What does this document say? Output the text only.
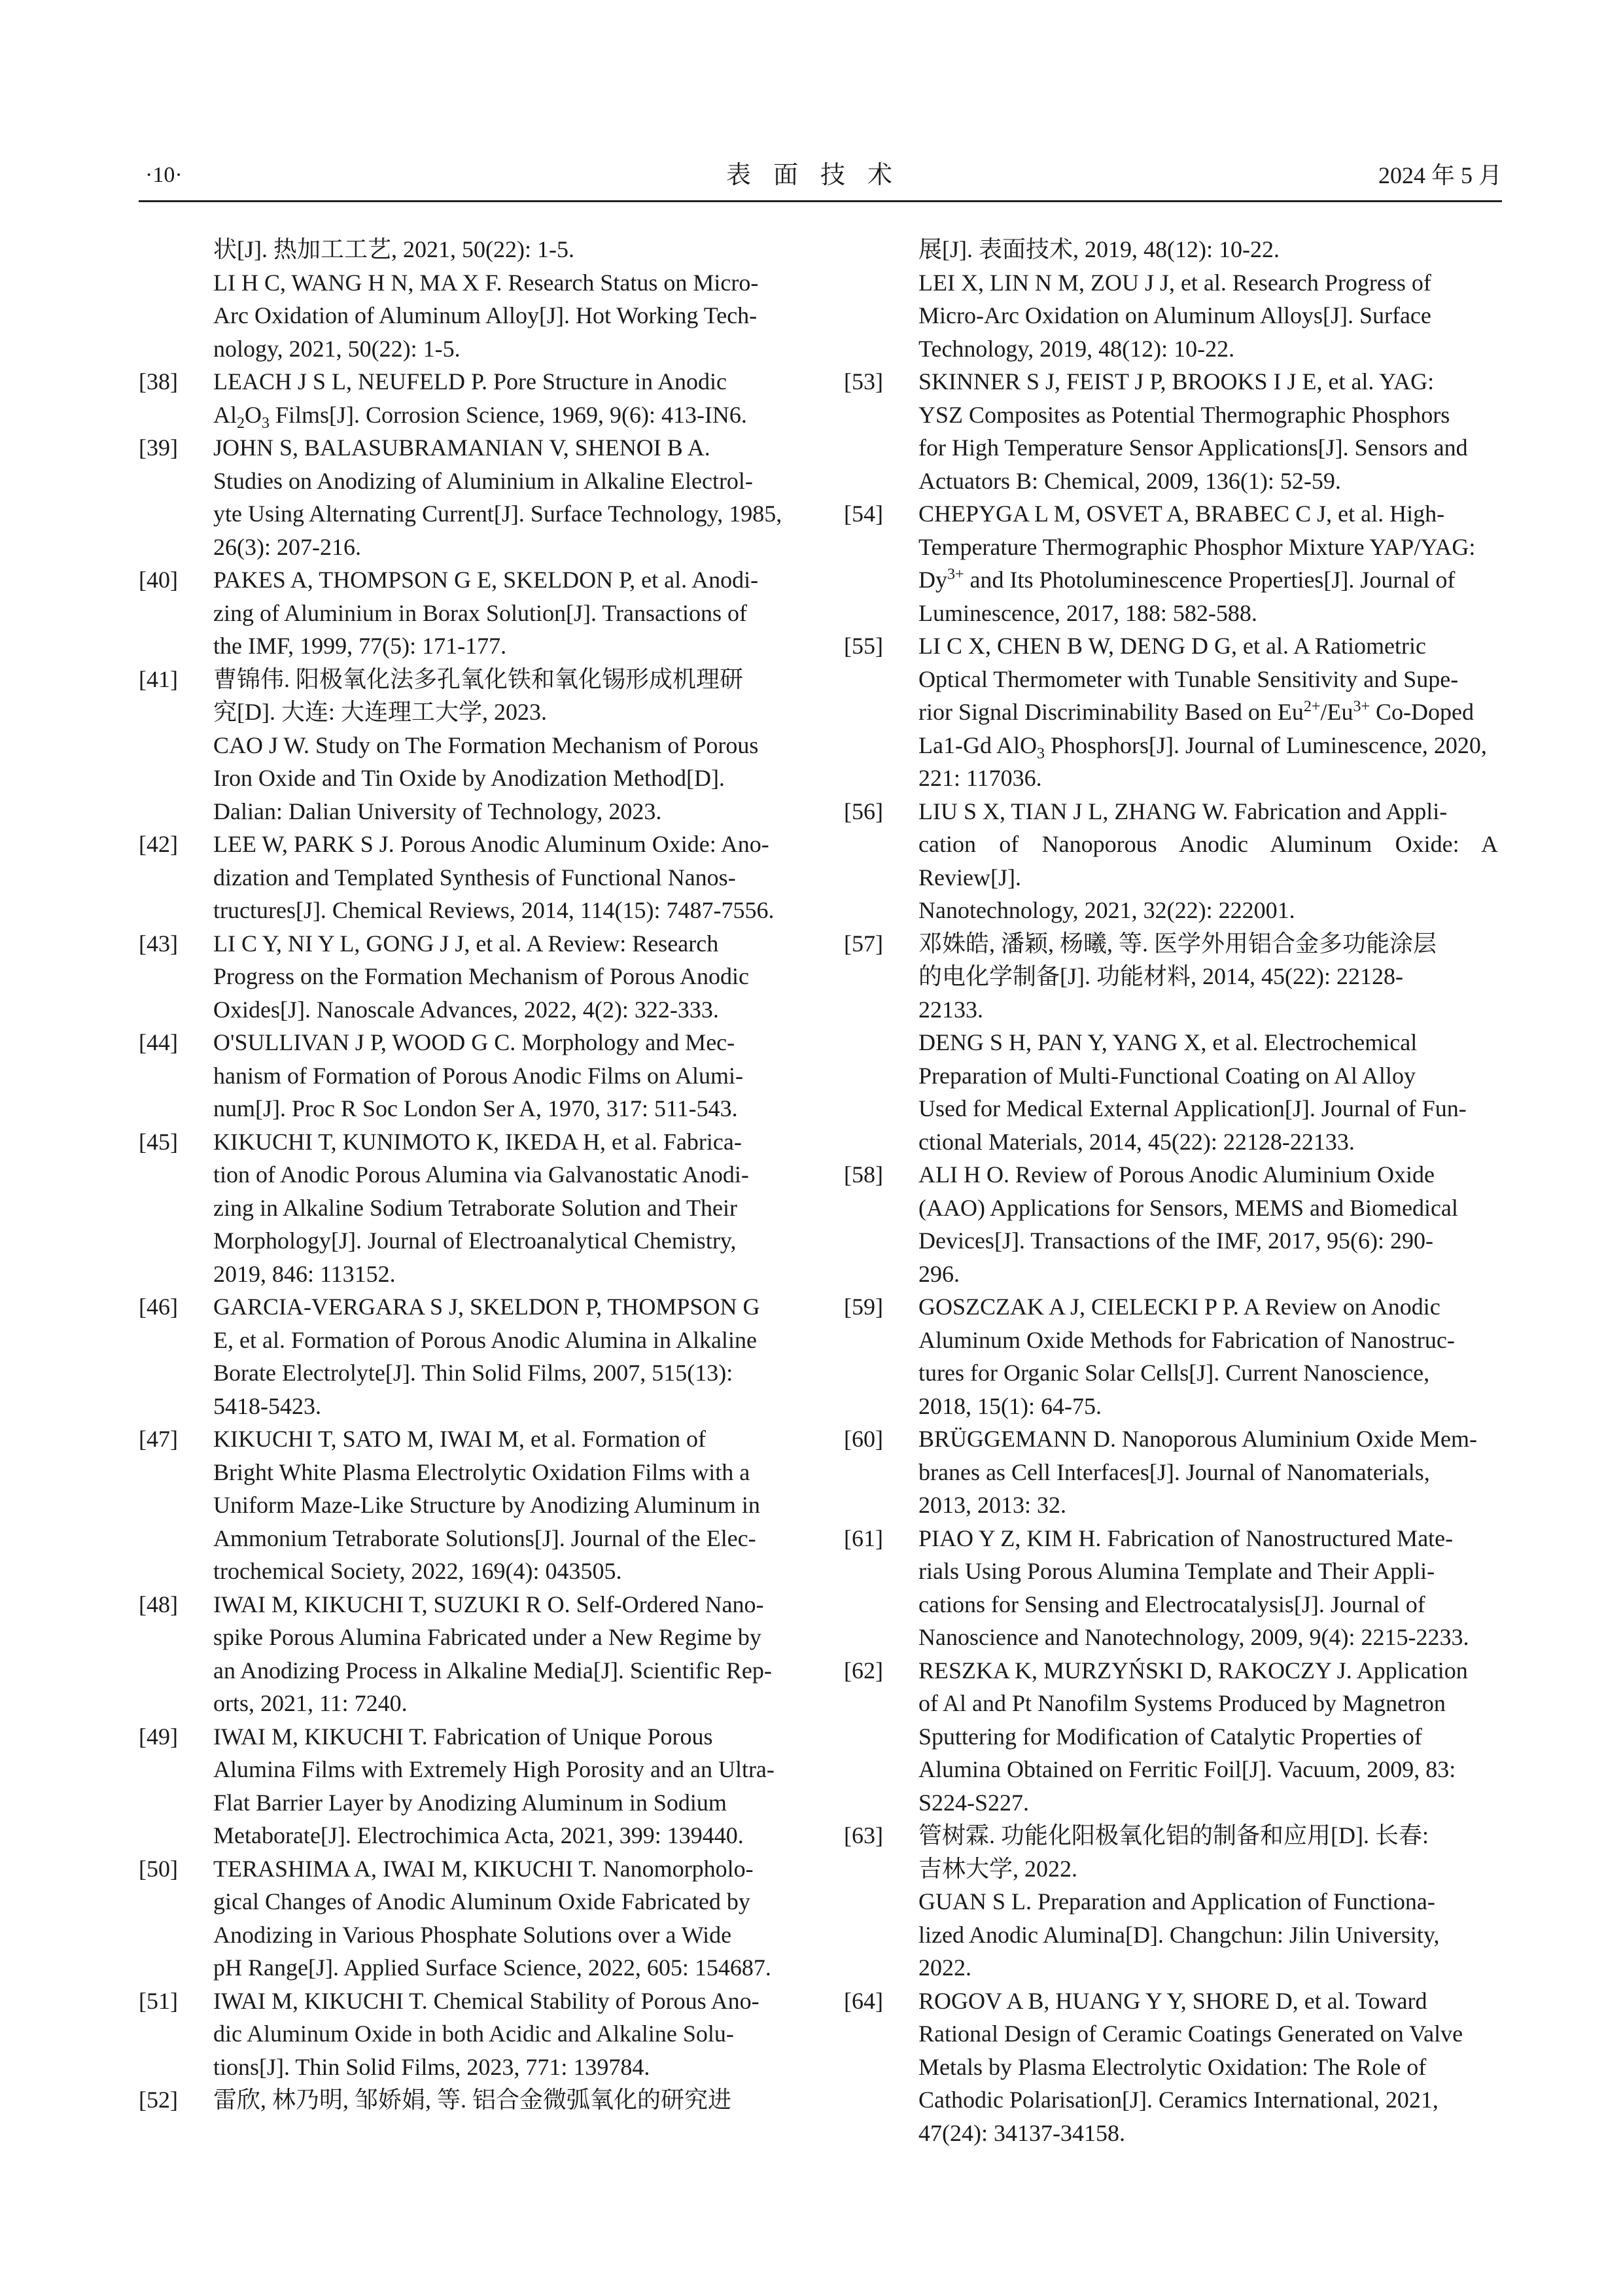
·10·	表面技术	2024 年 5 月
状[J]. 热加工工艺, 2021, 50(22): 1-5.
LI H C, WANG H N, MA X F. Research Status on Micro-
Arc Oxidation of Aluminum Alloy[J]. Hot Working Tech-
nology, 2021, 50(22): 1-5.
[38] LEACH J S L, NEUFELD P. Pore Structure in Anodic
$Al_2O_3$ Films[J]. Corrosion Science, 1969, 9(6): 413-IN6.
[39] JOHN S, BALASUBRAMANIAN V, SHENOI B A.
Studies on Anodizing of Aluminium in Alkaline Electrol-
yte Using Alternating Current[J]. Surface Technology, 1985,
26(3): 207-216.
[40] PAKES A, THOMPSON G E, SKELDON P, et al. Anodi-
zing of Aluminium in Borax Solution[J]. Transactions of
the IMF, 1999, 77(5): 171-177.
[41] 曹锦伟. 阳极氧化法多孔氧化铁和氧化锡形成机理研
究[D]. 大连: 大连理工大学, 2023.
CAO J W. Study on The Formation Mechanism of Porous
Iron Oxide and Tin Oxide by Anodization Method[D].
Dalian: Dalian University of Technology, 2023.
[42] LEE W, PARK S J. Porous Anodic Aluminum Oxide: Ano-
dization and Templated Synthesis of Functional Nanos-
tructures[J]. Chemical Reviews, 2014, 114(15): 7487-7556.
[43] LI C Y, NI Y L, GONG J J, et al. A Review: Research
Progress on the Formation Mechanism of Porous Anodic
Oxides[J]. Nanoscale Advances, 2022, 4(2): 322-333.
[44] O'SULLIVAN J P, WOOD G C. Morphology and Mec-
hanism of Formation of Porous Anodic Films on Alumi-
num[J]. Proc R Soc London Ser A, 1970, 317: 511-543.
[45] KIKUCHI T, KUNIMOTO K, IKEDA H, et al. Fabrica-
tion of Anodic Porous Alumina via Galvanostatic Anodi-
zing in Alkaline Sodium Tetraborate Solution and Their
Morphology[J]. Journal of Electroanalytical Chemistry,
2019, 846: 113152.
[46] GARCIA-VERGARA S J, SKELDON P, THOMPSON G
E, et al. Formation of Porous Anodic Alumina in Alkaline
Borate Electrolyte[J]. Thin Solid Films, 2007, 515(13):
5418-5423.
[47] KIKUCHI T, SATO M, IWAI M, et al. Formation of
Bright White Plasma Electrolytic Oxidation Films with a
Uniform Maze-Like Structure by Anodizing Aluminum in
Ammonium Tetraborate Solutions[J]. Journal of the Elec-
trochemical Society, 2022, 169(4): 043505.
[48] IWAI M, KIKUCHI T, SUZUKI R O. Self-Ordered Nano-
spike Porous Alumina Fabricated under a New Regime by
an Anodizing Process in Alkaline Media[J]. Scientific Rep-
orts, 2021, 11: 7240.
[49] IWAI M, KIKUCHI T. Fabrication of Unique Porous
Alumina Films with Extremely High Porosity and an Ultra-
Flat Barrier Layer by Anodizing Aluminum in Sodium
Metaborate[J]. Electrochimica Acta, 2021, 399: 139440.
[50] TERASHIMA A, IWAI M, KIKUCHI T. Nanomorpholo-
gical Changes of Anodic Aluminum Oxide Fabricated by
Anodizing in Various Phosphate Solutions over a Wide
pH Range[J]. Applied Surface Science, 2022, 605: 154687.
[51] IWAI M, KIKUCHI T. Chemical Stability of Porous Ano-
dic Aluminum Oxide in both Acidic and Alkaline Solu-
tions[J]. Thin Solid Films, 2023, 771: 139784.
[52] 雷欣, 林乃明, 邹娇娟, 等. 铝合金微弧氧化的研究进
展[J]. 表面技术, 2019, 48(12): 10-22.
LEI X, LIN N M, ZOU J J, et al. Research Progress of
Micro-Arc Oxidation on Aluminum Alloys[J]. Surface
Technology, 2019, 48(12): 10-22.
[53] SKINNER S J, FEIST J P, BROOKS I J E, et al. YAG:
YSZ Composites as Potential Thermographic Phosphors
for High Temperature Sensor Applications[J]. Sensors and
Actuators B: Chemical, 2009, 136(1): 52-59.
[54] CHEPYGA L M, OSVET A, BRABEC C J, et al. High-
Temperature Thermographic Phosphor Mixture YAP/YAG:
$Dy^{3+}$ and Its Photoluminescence Properties[J]. Journal of
Luminescence, 2017, 188: 582-588.
[55] LI C X, CHEN B W, DENG D G, et al. A Ratiometric
Optical Thermometer with Tunable Sensitivity and Supe-
rior Signal Discriminability Based on $Eu^{2+}/Eu^{3+}$ Co-Doped
La1-Gd AlO$_3$ Phosphors[J]. Journal of Luminescence, 2020,
221: 117036.
[56] LIU S X, TIAN J L, ZHANG W. Fabrication and Appli-
cation of Nanoporous Anodic Aluminum Oxide: A Review[J].
Nanotechnology, 2021, 32(22): 222001.
[57] 邓姝皓, 潘颖, 杨曦, 等. 医学外用铝合金多功能涂层
的电化学制备[J]. 功能材料, 2014, 45(22): 22128-
22133.
DENG S H, PAN Y, YANG X, et al. Electrochemical
Preparation of Multi-Functional Coating on Al Alloy
Used for Medical External Application[J]. Journal of Fun-
ctional Materials, 2014, 45(22): 22128-22133.
[58] ALI H O. Review of Porous Anodic Aluminium Oxide
(AAO) Applications for Sensors, MEMS and Biomedical
Devices[J]. Transactions of the IMF, 2017, 95(6): 290-
296.
[59] GOSZCZAK A J, CIELECKI P P. A Review on Anodic
Aluminum Oxide Methods for Fabrication of Nanostruc-
tures for Organic Solar Cells[J]. Current Nanoscience,
2018, 15(1): 64-75.
[60] BRÜGGEMANN D. Nanoporous Aluminium Oxide Mem-
branes as Cell Interfaces[J]. Journal of Nanomaterials,
2013, 2013: 32.
[61] PIAO Y Z, KIM H. Fabrication of Nanostructured Mate-
rials Using Porous Alumina Template and Their Appli-
cations for Sensing and Electrocatalysis[J]. Journal of
Nanoscience and Nanotechnology, 2009, 9(4): 2215-2233.
[62] RESZKA K, MURZYŃSKI D, RAKOCZY J. Application
of Al and Pt Nanofilm Systems Produced by Magnetron
Sputtering for Modification of Catalytic Properties of
Alumina Obtained on Ferritic Foil[J]. Vacuum, 2009, 83:
S224-S227.
[63] 管树霖. 功能化阳极氧化铝的制备和应用[D]. 长春:
吉林大学, 2022.
GUAN S L. Preparation and Application of Functiona-
lized Anodic Alumina[D]. Changchun: Jilin University,
2022.
[64] ROGOV A B, HUANG Y Y, SHORE D, et al. Toward
Rational Design of Ceramic Coatings Generated on Valve
Metals by Plasma Electrolytic Oxidation: The Role of
Cathodic Polarisation[J]. Ceramics International, 2021,
47(24): 34137-34158.
